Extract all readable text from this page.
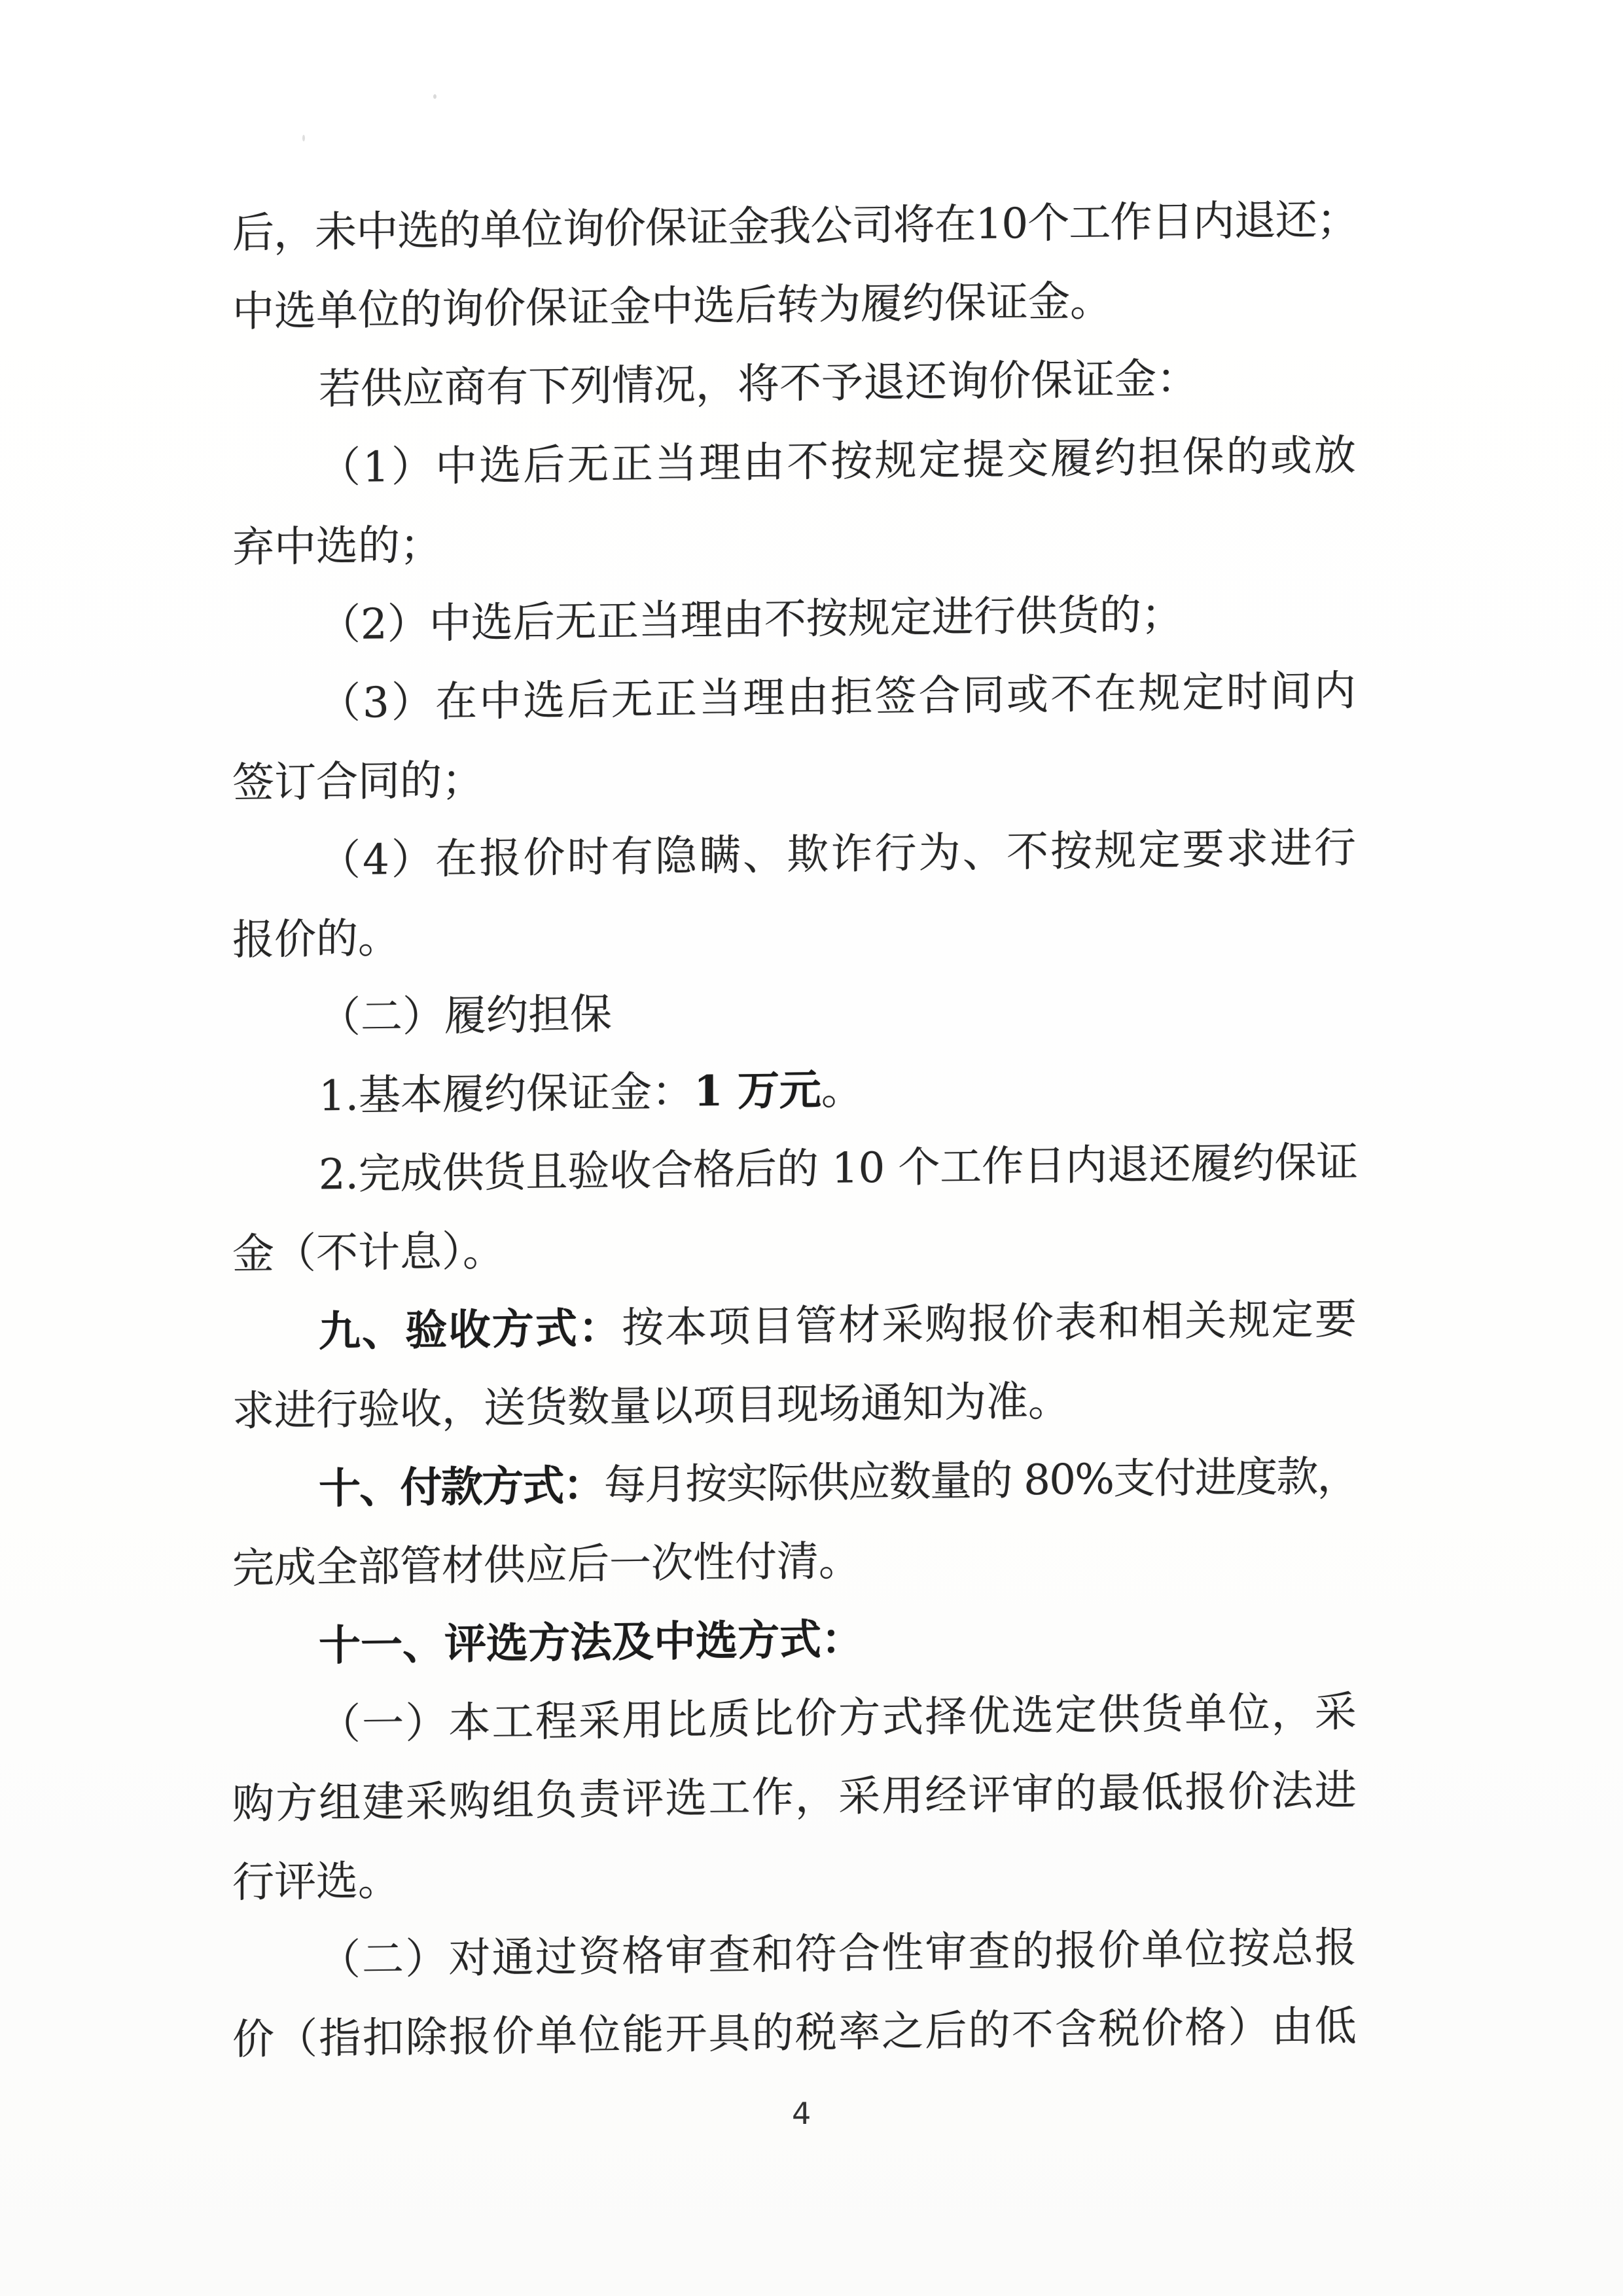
后，未中选的单位询价保证金我公司将在10个工作日内退还；
中选单位的询价保证金中选后转为履约保证金。
若供应商有下列情况，将不予退还询价保证金：
（1）中选后无正当理由不按规定提交履约担保的或放
弃中选的；
（2）中选后无正当理由不按规定进行供货的；
（3）在中选后无正当理由拒签合同或不在规定时间内
签订合同的；
（4）在报价时有隐瞒、欺诈行为、不按规定要求进行
报价的。
（二）履约担保
1.基本履约保证金：1 万元。
2.完成供货且验收合格后的 10 个工作日内退还履约保证
金（不计息）。
九、验收方式：按本项目管材采购报价表和相关规定要
求进行验收，送货数量以项目现场通知为准。
十、付款方式：每月按实际供应数量的 80%支付进度款，
完成全部管材供应后一次性付清。
十一、评选方法及中选方式：
（一）本工程采用比质比价方式择优选定供货单位，采
购方组建采购组负责评选工作，采用经评审的最低报价法进
行评选。
（二）对通过资格审查和符合性审查的报价单位按总报
价（指扣除报价单位能开具的税率之后的不含税价格）由低
4
